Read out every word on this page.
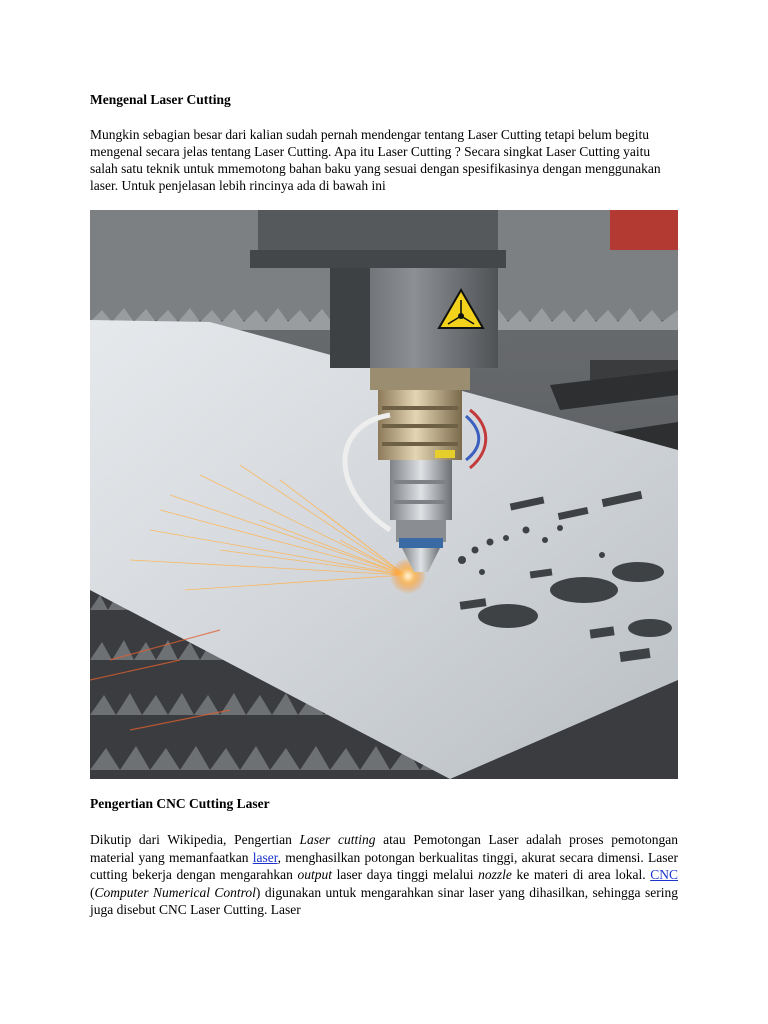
Mengenal Laser Cutting

Mungkin sebagian besar dari kalian sudah pernah mendengar tentang Laser Cutting tetapi belum begitu mengenal secara jelas tentang Laser Cutting. Apa itu Laser Cutting ? Secara singkat Laser Cutting yaitu salah satu teknik untuk mmemotong bahan baku yang sesuai dengan spesifikasinya dengan menggunakan laser. Untuk penjelasan lebih rincinya ada di bawah ini

Pengertian CNC Cutting Laser

Dikutip dari Wikipedia, Pengertian Laser cutting atau Pemotongan Laser adalah proses pemotongan material yang memanfaatkan laser, menghasilkan potongan berkualitas tinggi, akurat secara dimensi. Laser cutting bekerja dengan mengarahkan output laser daya tinggi melalui nozzle ke materi di area lokal. CNC (Computer Numerical Control) digunakan untuk mengarahkan sinar laser yang dihasilkan, sehingga sering juga disebut CNC Laser Cutting. Laser
